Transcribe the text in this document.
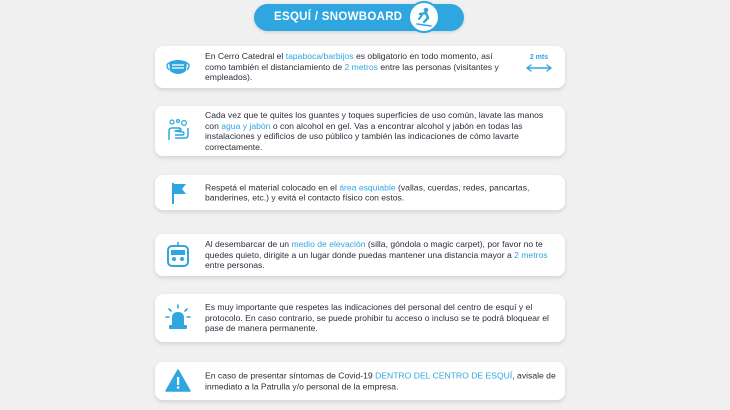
ESQUÍ / SNOWBOARD
En Cerro Catedral el tapaboca/barbijos es obligatorio en todo momento, así como también el distanciamiento de 2 metros entre las personas (visitantes y empleados).
2 mts
Cada vez que te quites los guantes y toques superficies de uso común, lavate las manos con agua y jabón o con alcohol en gel. Vas a encontrar alcohol y jabón en todas las instalaciones y edificios de uso público y también las indicaciones de cómo lavarte correctamente.
Respetá el material colocado en el área esquiable (vallas, cuerdas, redes, pancartas, banderines, etc.) y evitá el contacto físico con estos.
Al desembarcar de un medio de elevación (silla, góndola o magic carpet), por favor no te quedes quieto, dirigite a un lugar donde puedas mantener una distancia mayor a 2 metros entre personas.
Es muy importante que respetes las indicaciones del personal del centro de esquí y el protocolo. En caso contrario, se puede prohibir tu acceso o incluso se te podrá bloquear el pase de manera permanente.
En caso de presentar síntomas de Covid-19 DENTRO DEL CENTRO DE ESQUÍ, avisale de inmediato a la Patrulla y/o personal de la empresa.
